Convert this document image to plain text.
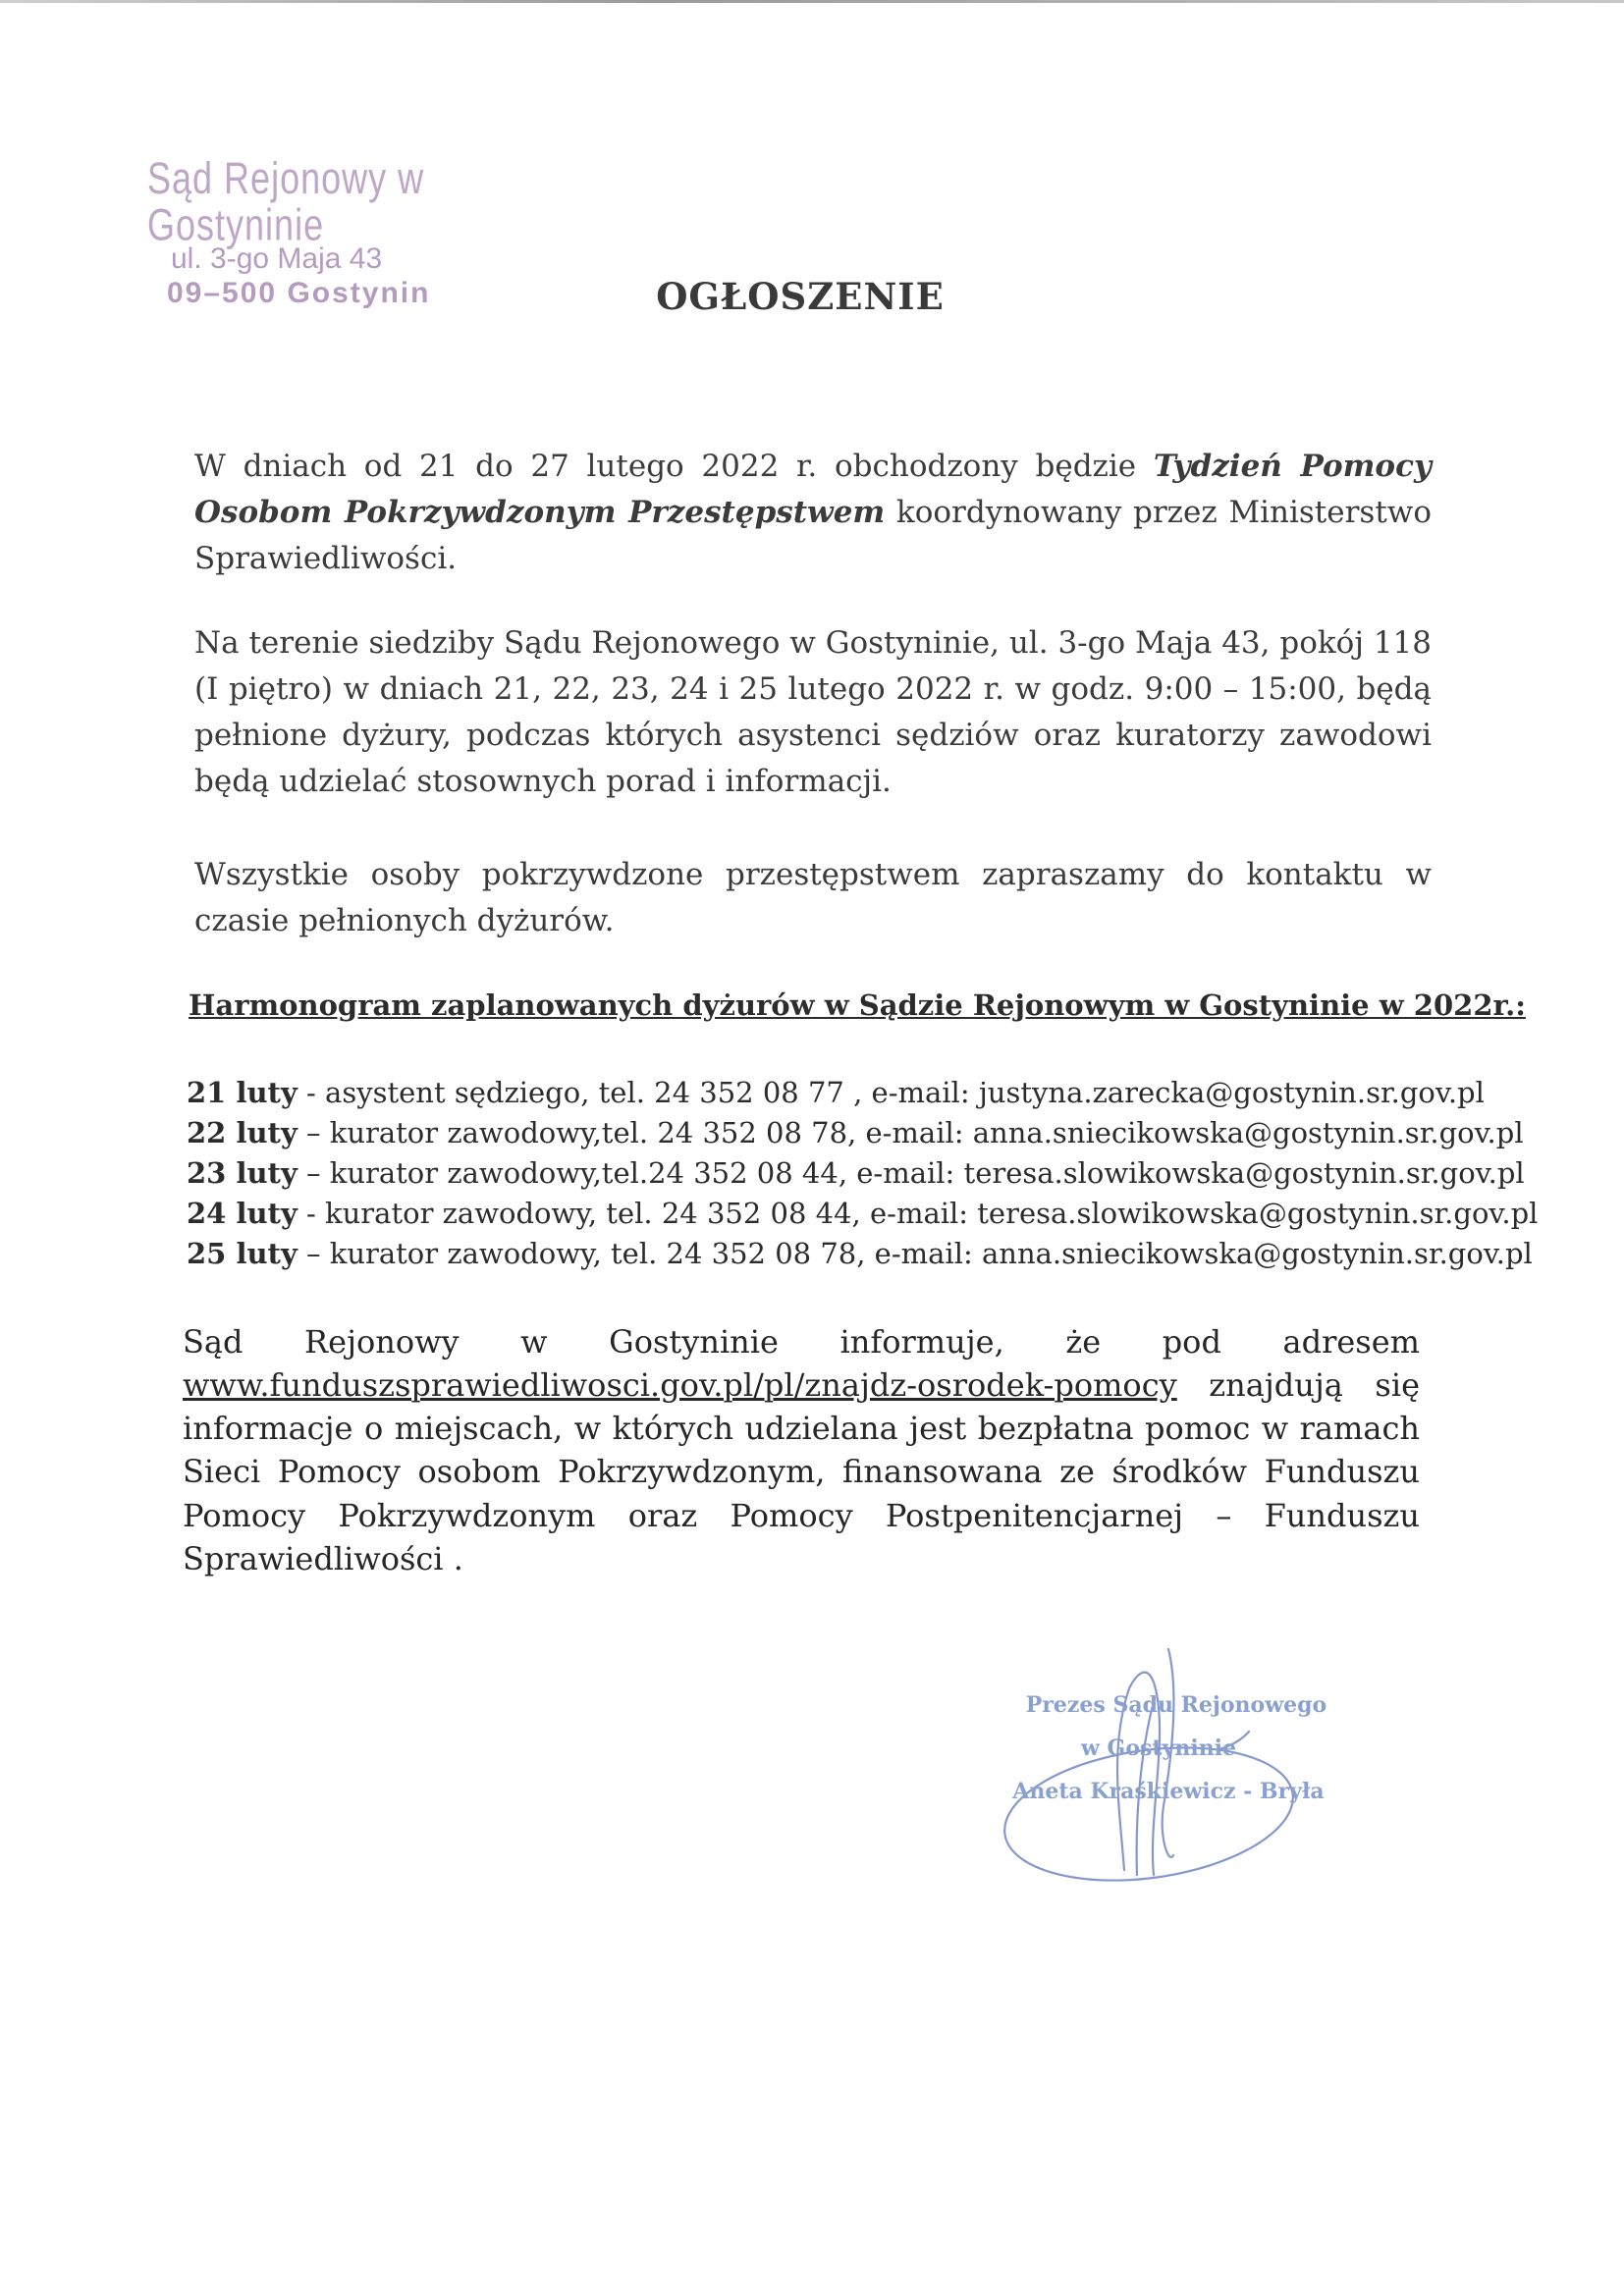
Sąd Rejonowy w Gostyninie
ul. 3-go Maja 43
09–500 Gostynin	OGŁOSZENIE
W dniach od 21 do 27 lutego 2022 r. obchodzony będzie Tydzień Pomocy Osobom Pokrzywdzonym Przestępstwem koordynowany przez Ministerstwo Sprawiedliwości.
Na terenie siedziby Sądu Rejonowego w Gostyninie, ul. 3-go Maja 43, pokój 118 (I piętro) w dniach 21, 22, 23, 24 i 25 lutego 2022 r. w godz. 9:00 – 15:00, będą pełnione dyżury, podczas których asystenci sędziów oraz kuratorzy zawodowi będą udzielać stosownych porad i informacji.
Wszystkie osoby pokrzywdzone przestępstwem zapraszamy do kontaktu w czasie pełnionych dyżurów.
Harmonogram zaplanowanych dyżurów w Sądzie Rejonowym w Gostyninie w 2022r.:
21 luty - asystent sędziego, tel. 24 352 08 77 , e-mail: justyna.zarecka@gostynin.sr.gov.pl
22 luty – kurator zawodowy,tel. 24 352 08 78, e-mail: anna.sniecikowska@gostynin.sr.gov.pl
23 luty – kurator zawodowy,tel.24 352 08 44, e-mail: teresa.slowikowska@gostynin.sr.gov.pl
24 luty - kurator zawodowy, tel. 24 352 08 44, e-mail: teresa.slowikowska@gostynin.sr.gov.pl
25 luty – kurator zawodowy, tel. 24 352 08 78, e-mail: anna.sniecikowska@gostynin.sr.gov.pl
Sąd Rejonowy w Gostyninie informuje, że pod adresem www.funduszsprawiedliwosci.gov.pl/pl/znajdz-osrodek-pomocy znajdują się informacje o miejscach, w których udzielana jest bezpłatna pomoc w ramach Sieci Pomocy osobom Pokrzywdzonym, finansowana ze środków Funduszu Pomocy Pokrzywdzonym oraz Pomocy Postpenitencjarnej – Funduszu Sprawiedliwości .
Prezes Sądu Rejonowego
w Gostyninie
Aneta Kraśkiewicz - Bryła
